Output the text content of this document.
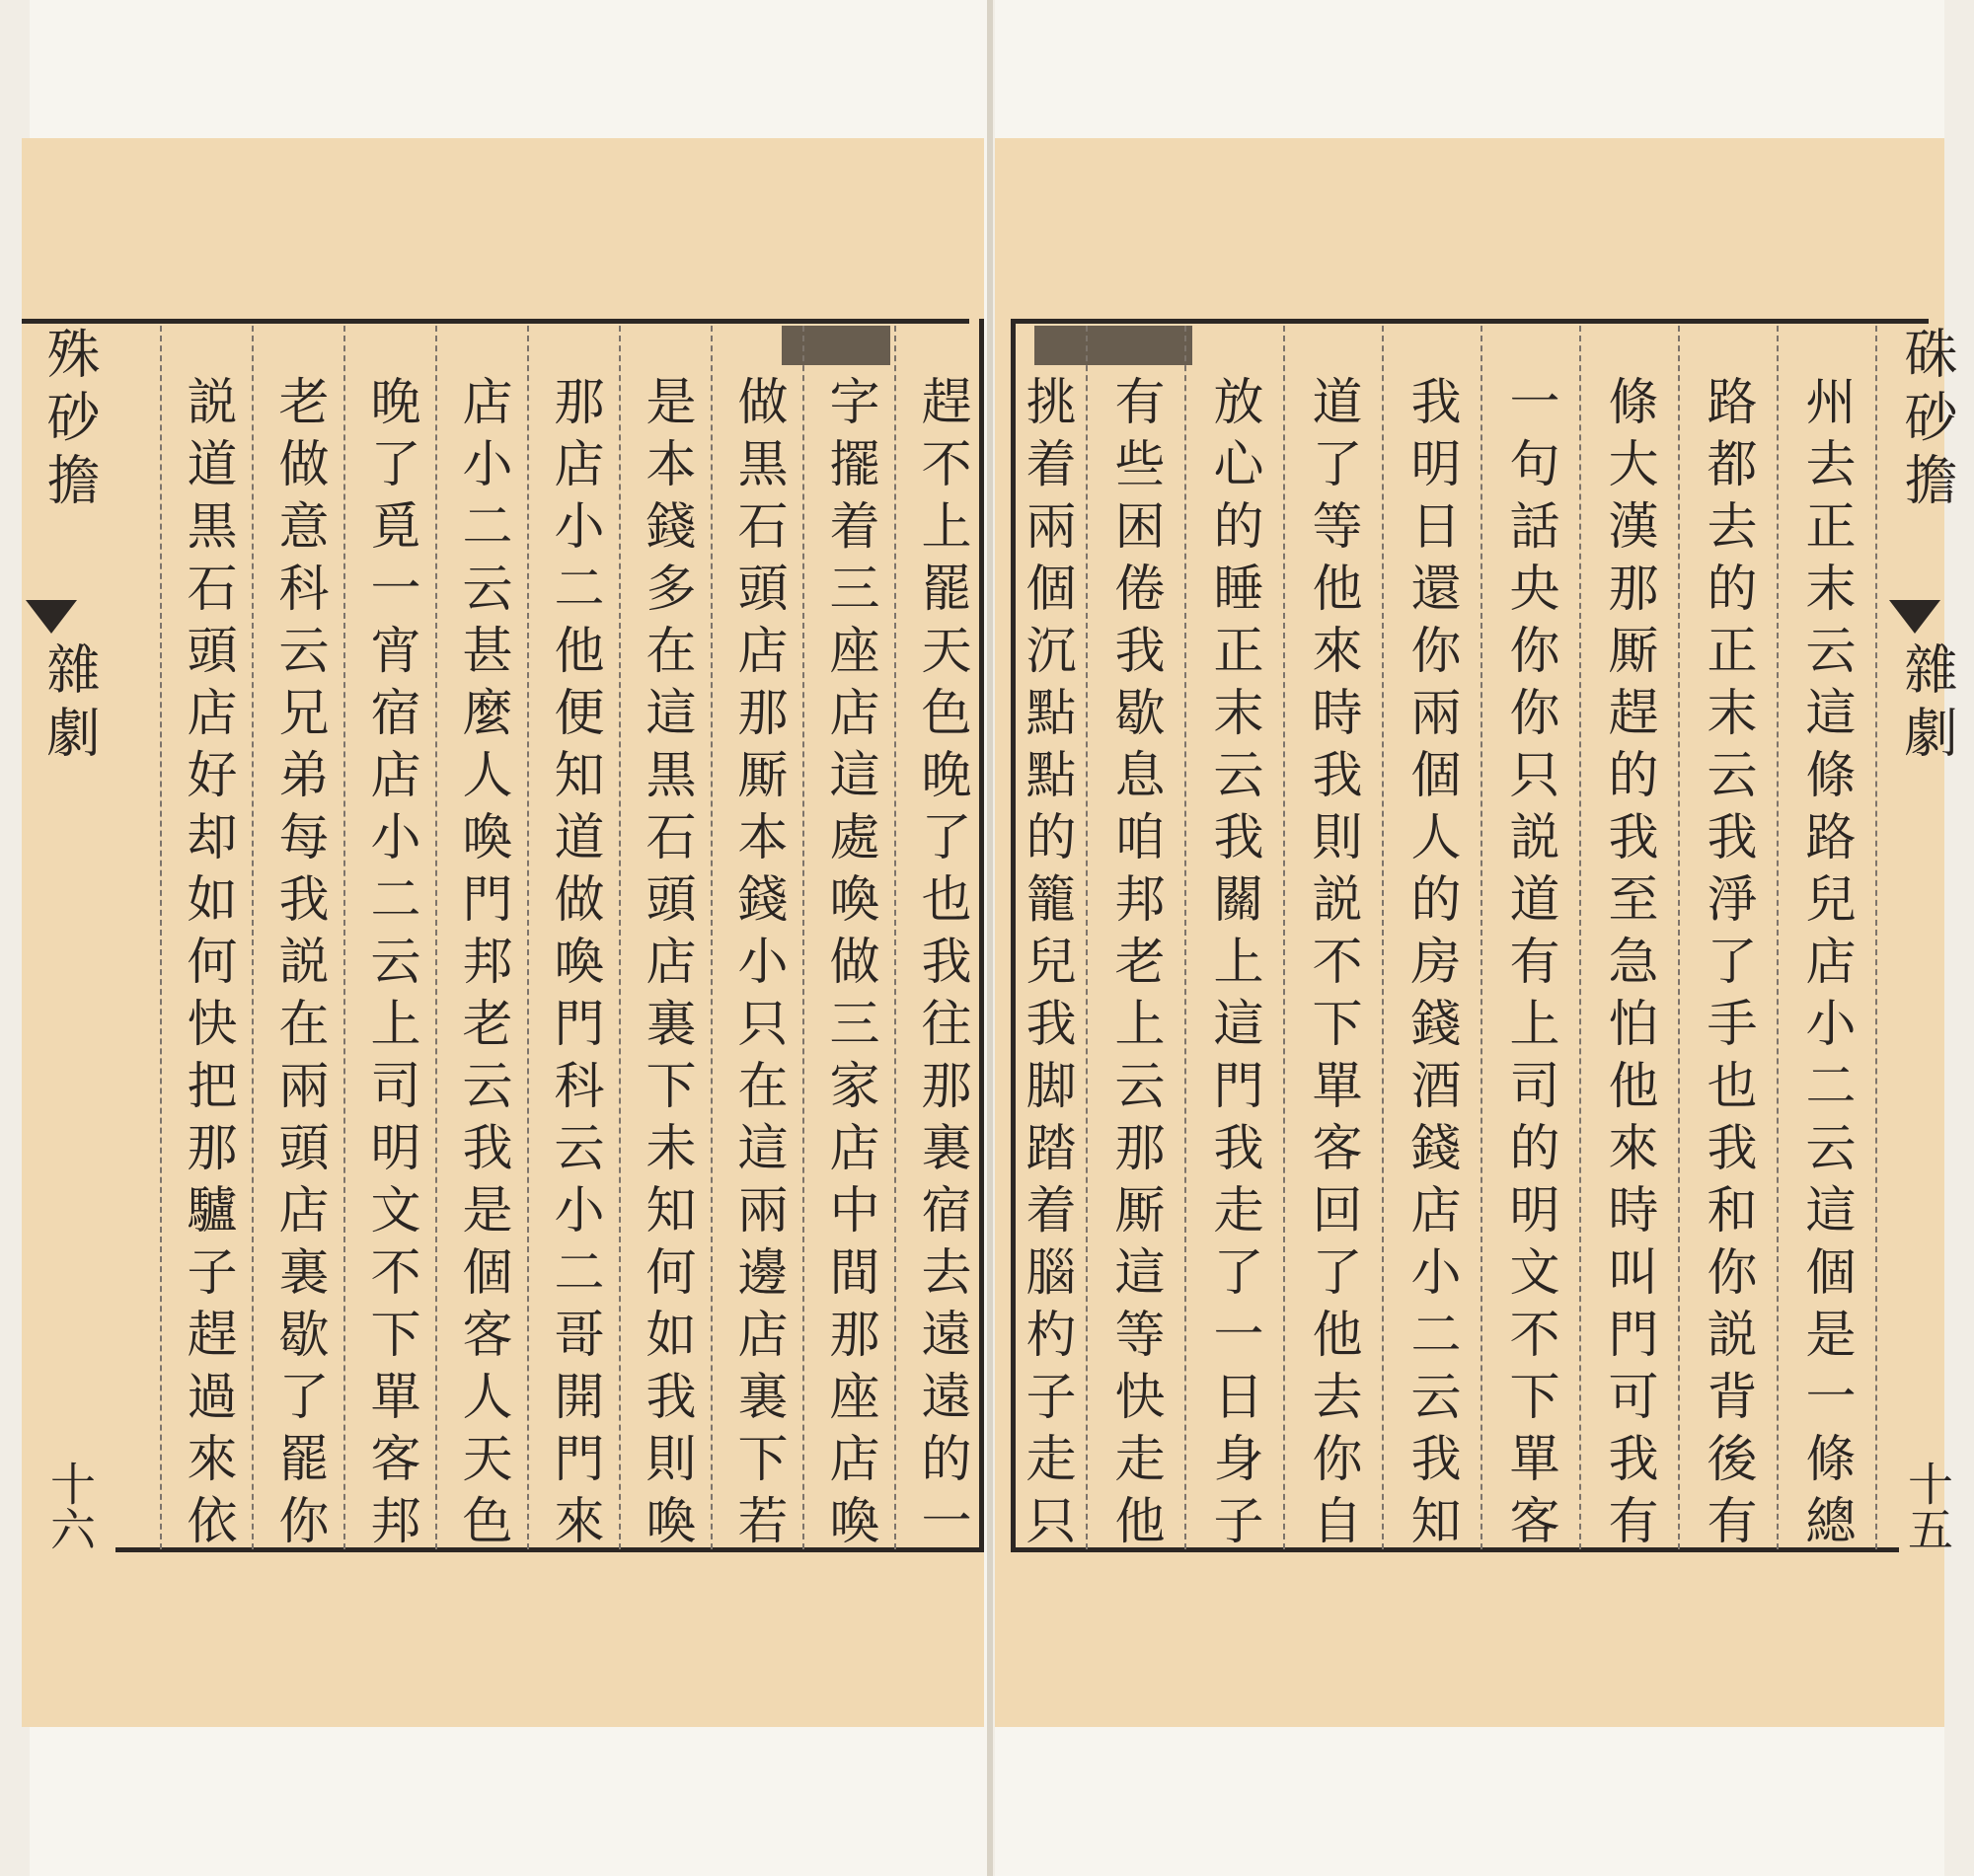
殊砂擔
雜劇
十六	趕不上罷天色晚了也我往那裏宿去遠遠的一
字擺着三座店這處喚做三家店中間那座店喚
做黒石頭店那厮本錢小只在這兩邊店裏下若
是本錢多在這黒石頭店裏下未知何如我則喚
那店小二他便知道做喚門科云小二哥開門來
店小二云甚麼人喚門邦老云我是個客人天色
晚了覓一宵宿店小二云上司明文不下單客邦
老做意科云兄弟每我説在兩頭店裏歇了罷你
説道黒石頭店好却如何快把那驢子趕過來依	硃砂擔
雜劇
十五
州去正末云這條路兒店小二云這個是一條總
路都去的正末云我淨了手也我和你説背後有
條大漢那厮趕的我至急怕他來時叫門可我有
一句話央你你只説道有上司的明文不下單客
我明日還你兩個人的房錢酒錢店小二云我知
道了等他來時我則説不下單客回了他去你自
放心的睡正末云我關上這門我走了一日身子
有些困倦我歇息咱邦老上云那厮這等快走他
挑着兩個沉點點的籠兒我脚踏着腦杓子走只
